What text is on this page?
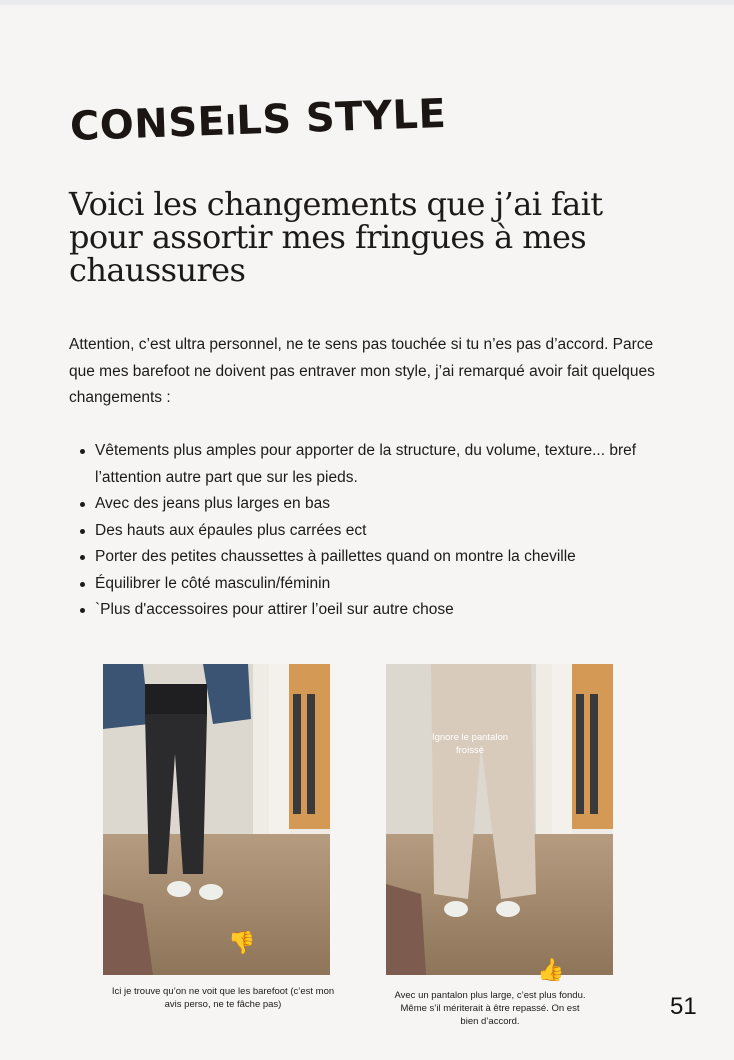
CONSEiLS STYLE
Voici les changements que j’ai fait pour assortir mes fringues à mes chaussures

Attention, c’est ultra personnel, ne te sens pas touchée si tu n’es pas d’accord. Parce que mes barefoot ne doivent pas entraver mon style, j’ai remarqué avoir fait quelques changements :

Vêtements plus amples pour apporter de la structure, du volume, texture... bref l’attention autre part que sur les pieds.
Avec des jeans plus larges en bas
Des hauts aux épaules plus carrées ect
Porter des petites chaussettes à paillettes quand on montre la cheville
Équilibrer le côté masculin/féminin
`Plus d'accessoires pour attirer l’oeil sur autre chose
👎
Ignore le pantalon froissé
👍
Ici je trouve qu’on ne voit que les barefoot (c’est mon avis perso, ne te fâche pas)
Avec un pantalon plus large, c’est plus fondu. Même s’il mériterait à être repassé. On est bien d’accord.
51
